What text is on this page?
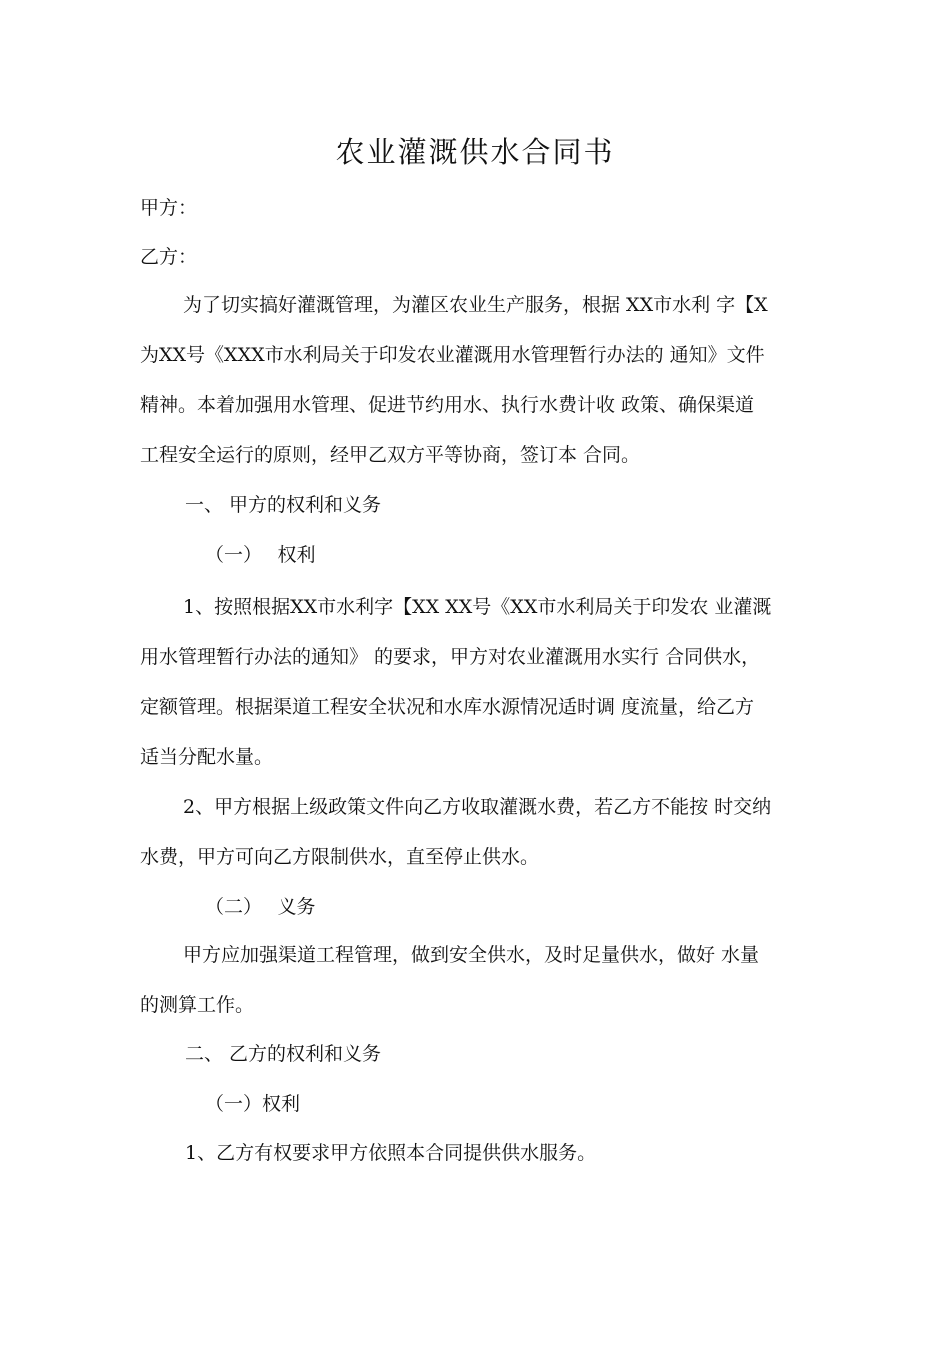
农业灌溉供水合同书
甲方：
乙方：
为了切实搞好灌溉管理，为灌区农业生产服务，根据 XX市水利 字【X
为XX号《XXX市水利局关于印发农业灌溉用水管理暂行办法的 通知》文件
精神。本着加强用水管理、促进节约用水、执行水费计收 政策、确保渠道
工程安全运行的原则，经甲乙双方平等协商，签订本 合同。
一、 甲方的权利和义务
（一）　 权利
1、按照根据XX市水利字【XX XX号《XX市水利局关于印发农 业灌溉
用水管理暂行办法的通知》 的要求，甲方对农业灌溉用水实行 合同供水，
定额管理。根据渠道工程安全状况和水库水源情况适时调 度流量，给乙方
适当分配水量。
2、甲方根据上级政策文件向乙方收取灌溉水费，若乙方不能按 时交纳
水费，甲方可向乙方限制供水，直至停止供水。
（二）　 义务
甲方应加强渠道工程管理，做到安全供水，及时足量供水，做好 水量
的测算工作。
二、 乙方的权利和义务
（一）权利
1、乙方有权要求甲方依照本合同提供供水服务。
